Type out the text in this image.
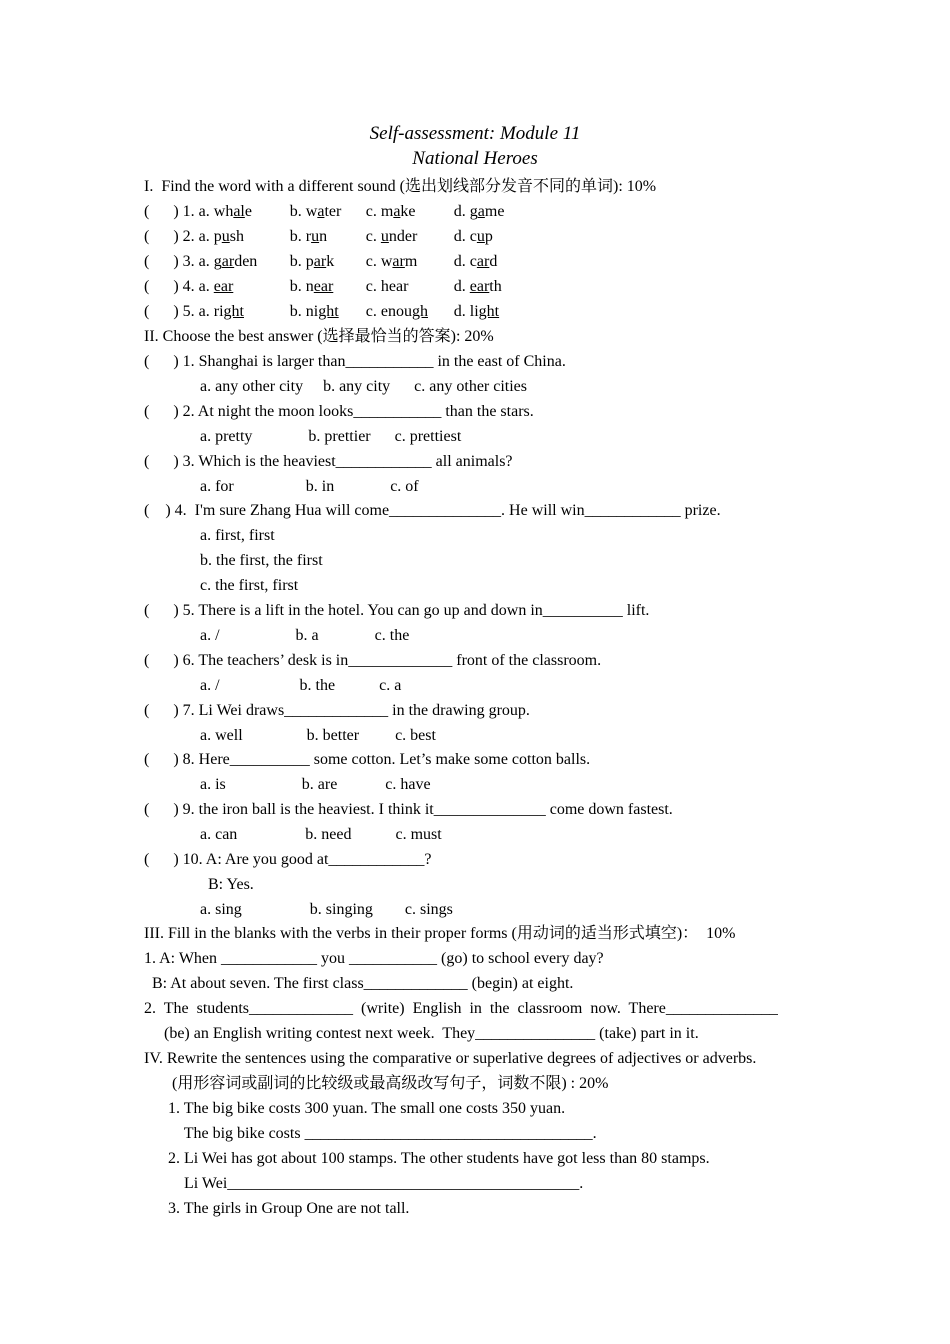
Self-assessment: Module 11
National Heroes
I.  Find the word with a different sound (选出划线部分发音不同的单词): 10%
(      ) 1. a. whale b. water c. make d. game
(      ) 2. a. push	b. run c. under d. cup
(      ) 3. a. garden b. park c. warm d. card
(      ) 4. a. ear	b. near c. hear	d. earth
(      ) 5. a. right	b. night c. enough d. light
II. Choose the best answer (选择最恰当的答案): 20%
(      ) 1. Shanghai is larger than___________ in the east of China.
a. any other city     b. any city      c. any other cities
(      ) 2. At night the moon looks___________ than the stars.
a. pretty              b. prettier      c. prettiest
(      ) 3. Which is the heaviest____________ all animals?
a. for                  b. in              c. of
(    ) 4.  I'm sure Zhang Hua will come______________. He will win____________ prize.
a. first, first
b. the first, the first
c. the first, first
(      ) 5. There is a lift in the hotel. You can go up and down in__________ lift.
a. /                   b. a              c. the
(      ) 6. The teachers’ desk is in_____________ front of the classroom.
a. /                    b. the           c. a
(      ) 7. Li Wei draws_____________ in the drawing group.
a. well                b. better         c. best
(      ) 8. Here__________ some cotton. Let’s make some cotton balls.
a. is                   b. are            c. have
(      ) 9. the iron ball is the heaviest. I think it______________ come down fastest.
a. can                 b. need           c. must
(      ) 10. A: Are you good at____________?
B: Yes.
a. sing                 b. singing        c. sings
III. Fill in the blanks with the verbs in their proper forms (用动词的适当形式填空)：  10%
1. A: When ____________ you ___________ (go) to school every day?
B: At about seven. The first class_____________ (begin) at eight.
2.  The  students_____________  (write)  English  in  the  classroom  now.  There______________
(be) an English writing contest next week.  They_______________ (take) part in it.
IV. Rewrite the sentences using the comparative or superlative degrees of adjectives or adverbs.
(用形容词或副词的比较级或最高级改写句子，词数不限) : 20%
1. The big bike costs 300 yuan. The small one costs 350 yuan.
The big bike costs ____________________________________.
2. Li Wei has got about 100 stamps. The other students have got less than 80 stamps.
Li Wei____________________________________________.
3. The girls in Group One are not tall.
